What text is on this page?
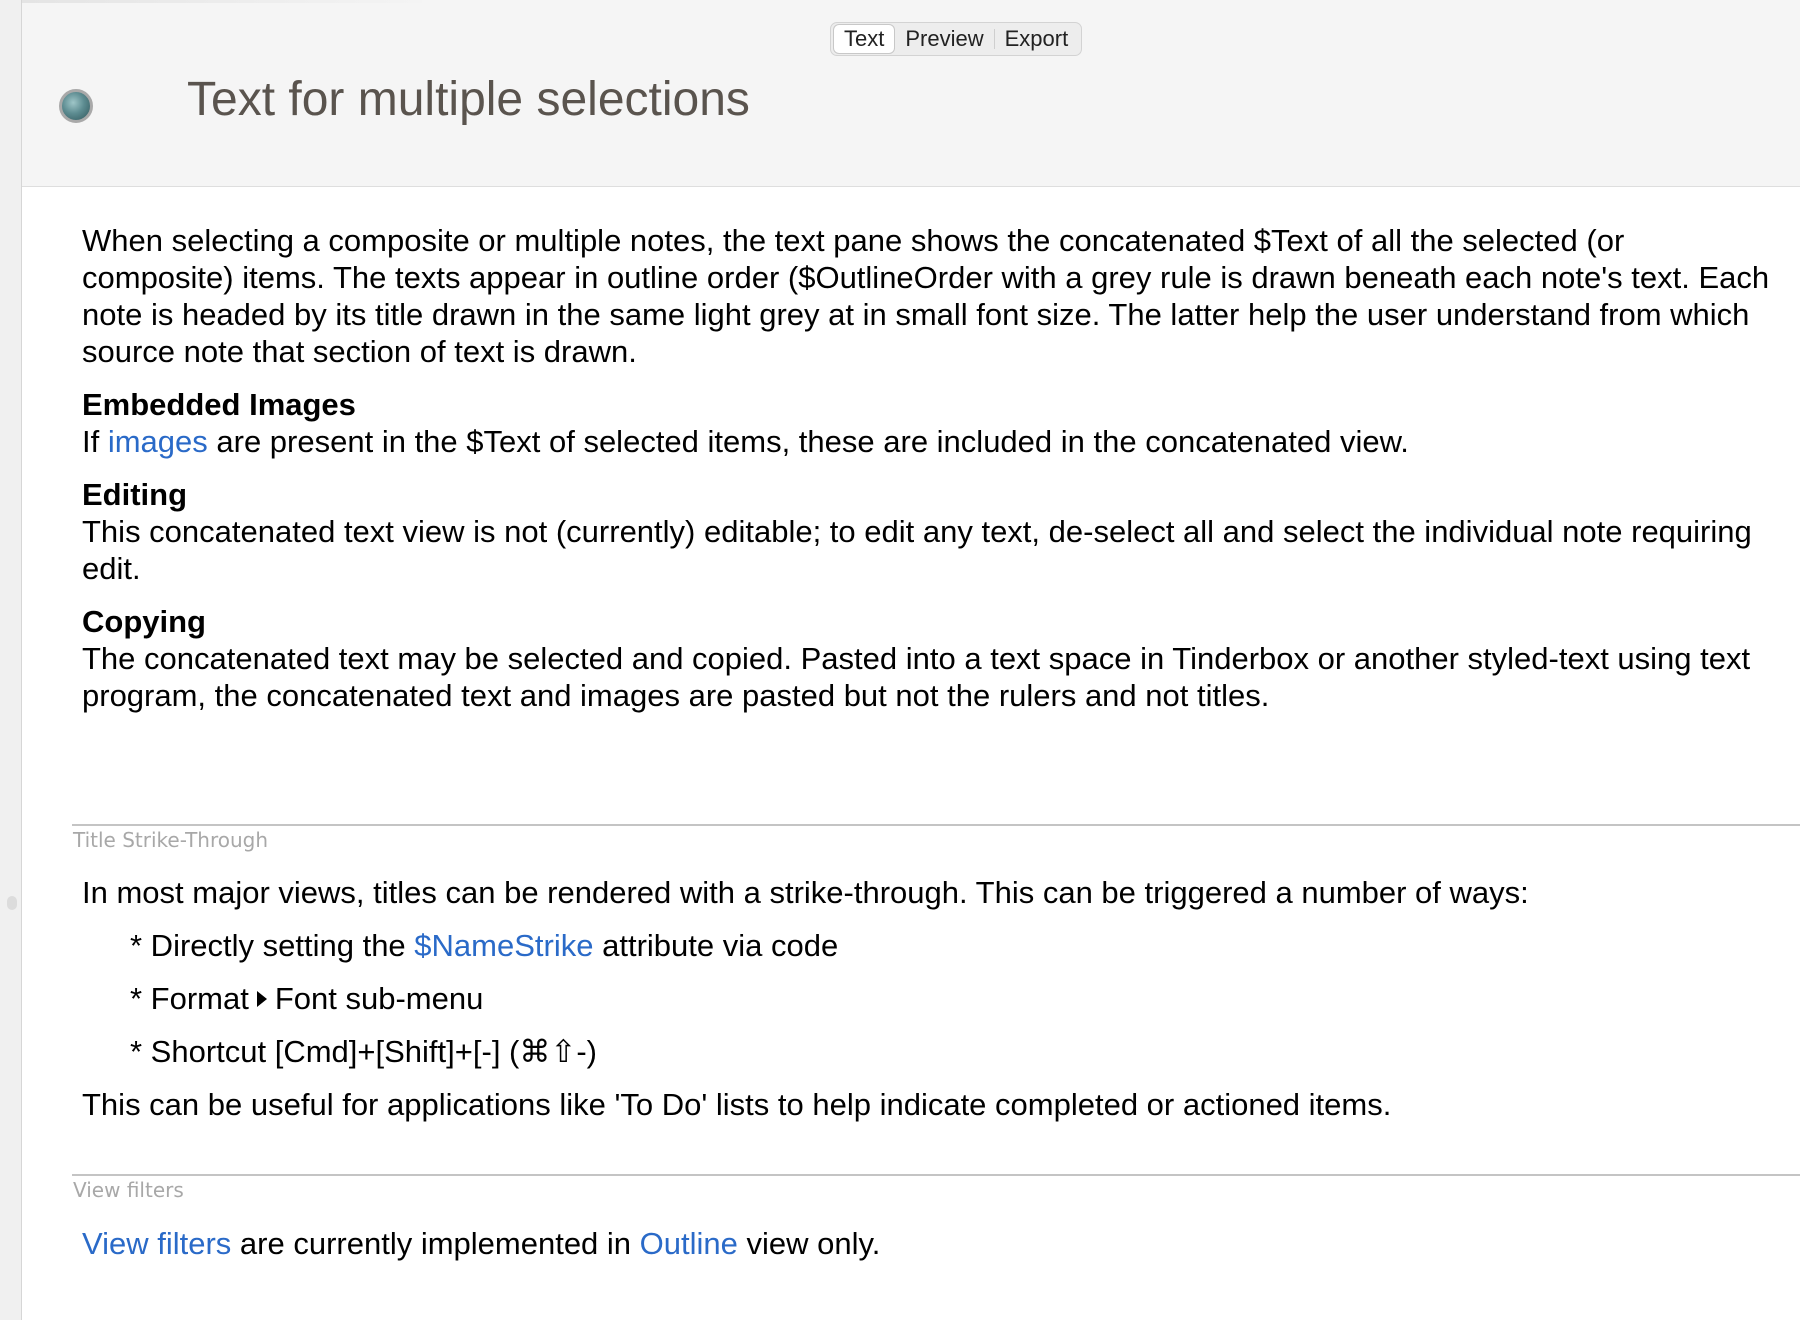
Text Preview Export
Text for multiple selections

When selecting a composite or multiple notes, the text pane shows the concatenated $Text of all the selected (or composite) items. The texts appear in outline order ($OutlineOrder with a grey rule is drawn beneath each note's text. Each note is headed by its title drawn in the same light grey at in small font size. The latter help the user understand from which source note that section of text is drawn.

Embedded Images

If images are present in the $Text of selected items, these are included in the concatenated view.

Editing

This concatenated text view is not (currently) editable; to edit any text, de-select all and select the individual note requiring edit.

Copying

The concatenated text may be selected and copied. Pasted into a text space in Tinderbox or another styled-text using text program, the concatenated text and images are pasted but not the rulers and not titles.

Title Strike-Through

In most major views, titles can be rendered with a strike-through. This can be triggered a number of ways:

* Directly setting the $NameStrike attribute via code

* Format Font sub-menu

* Shortcut [Cmd]+[Shift]+[-] (⌘⇧-)

This can be useful for applications like 'To Do' lists to help indicate completed or actioned items.

View filters

View filters are currently implemented in Outline view only.
